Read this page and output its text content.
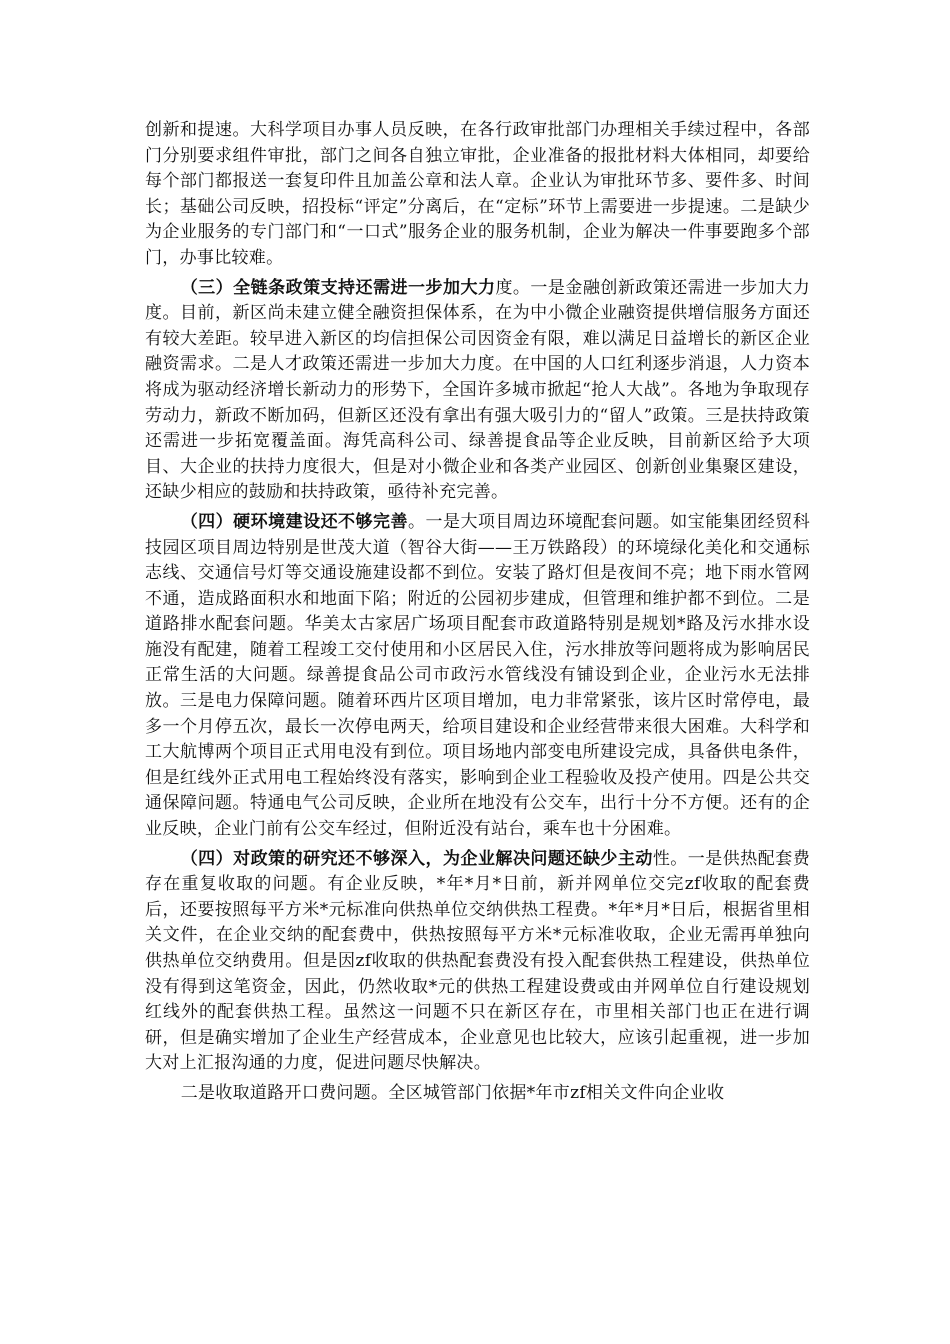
创新和提速。大科学项目办事人员反映，在各行政审批部门办理相关手续过程中，各部门分别要求组件审批，部门之间各自独立审批，企业准备的报批材料大体相同，却要给每个部门都报送一套复印件且加盖公章和法人章。企业认为审批环节多、要件多、时间长；基础公司反映，招投标“评定”分离后，在“定标”环节上需要进一步提速。二是缺少为企业服务的专门部门和“一口式”服务企业的服务机制，企业为解决一件事要跑多个部门，办事比较难。

（三）全链条政策支持还需进一步加大力度。一是金融创新政策还需进一步加大力度。目前，新区尚未建立健全融资担保体系，在为中小微企业融资提供增信服务方面还有较大差距。较早进入新区的均信担保公司因资金有限，难以满足日益增长的新区企业融资需求。二是人才政策还需进一步加大力度。在中国的人口红利逐步消退，人力资本将成为驱动经济增长新动力的形势下，全国许多城市掀起“抢人大战”。各地为争取现存劳动力，新政不断加码，但新区还没有拿出有强大吸引力的“留人”政策。三是扶持政策还需进一步拓宽覆盖面。海凭高科公司、绿善提食品等企业反映，目前新区给予大项目、大企业的扶持力度很大，但是对小微企业和各类产业园区、创新创业集聚区建设，还缺少相应的鼓励和扶持政策，亟待补充完善。

（四）硬环境建设还不够完善。一是大项目周边环境配套问题。如宝能集团经贸科技园区项目周边特别是世茂大道（智谷大街——王万铁路段）的环境绿化美化和交通标志线、交通信号灯等交通设施建设都不到位。安装了路灯但是夜间不亮；地下雨水管网不通，造成路面积水和地面下陷；附近的公园初步建成，但管理和维护都不到位。二是道路排水配套问题。华美太古家居广场项目配套市政道路特别是规划*路及污水排水设施没有配建，随着工程竣工交付使用和小区居民入住，污水排放等问题将成为影响居民正常生活的大问题。绿善提食品公司市政污水管线没有铺设到企业，企业污水无法排放。三是电力保障问题。随着环西片区项目增加，电力非常紧张，该片区时常停电，最多一个月停五次，最长一次停电两天，给项目建设和企业经营带来很大困难。大科学和工大航博两个项目正式用电没有到位。项目场地内部变电所建设完成，具备供电条件，但是红线外正式用电工程始终没有落实，影响到企业工程验收及投产使用。四是公共交通保障问题。特通电气公司反映，企业所在地没有公交车，出行十分不方便。还有的企业反映，企业门前有公交车经过，但附近没有站台，乘车也十分困难。

（四）对政策的研究还不够深入，为企业解决问题还缺少主动性。一是供热配套费存在重复收取的问题。有企业反映，*年*月*日前，新并网单位交完zf收取的配套费后，还要按照每平方米*元标准向供热单位交纳供热工程费。*年*月*日后，根据省里相关文件，在企业交纳的配套费中，供热按照每平方米*元标准收取，企业无需再单独向供热单位交纳费用。但是因zf收取的供热配套费没有投入配套供热工程建设，供热单位没有得到这笔资金，因此，仍然收取*元的供热工程建设费或由并网单位自行建设规划红线外的配套供热工程。虽然这一问题不只在新区存在，市里相关部门也正在进行调研，但是确实增加了企业生产经营成本，企业意见也比较大，应该引起重视，进一步加大对上汇报沟通的力度，促进问题尽快解决。

二是收取道路开口费问题。全区城管部门依据*年市zf相关文件向企业收
